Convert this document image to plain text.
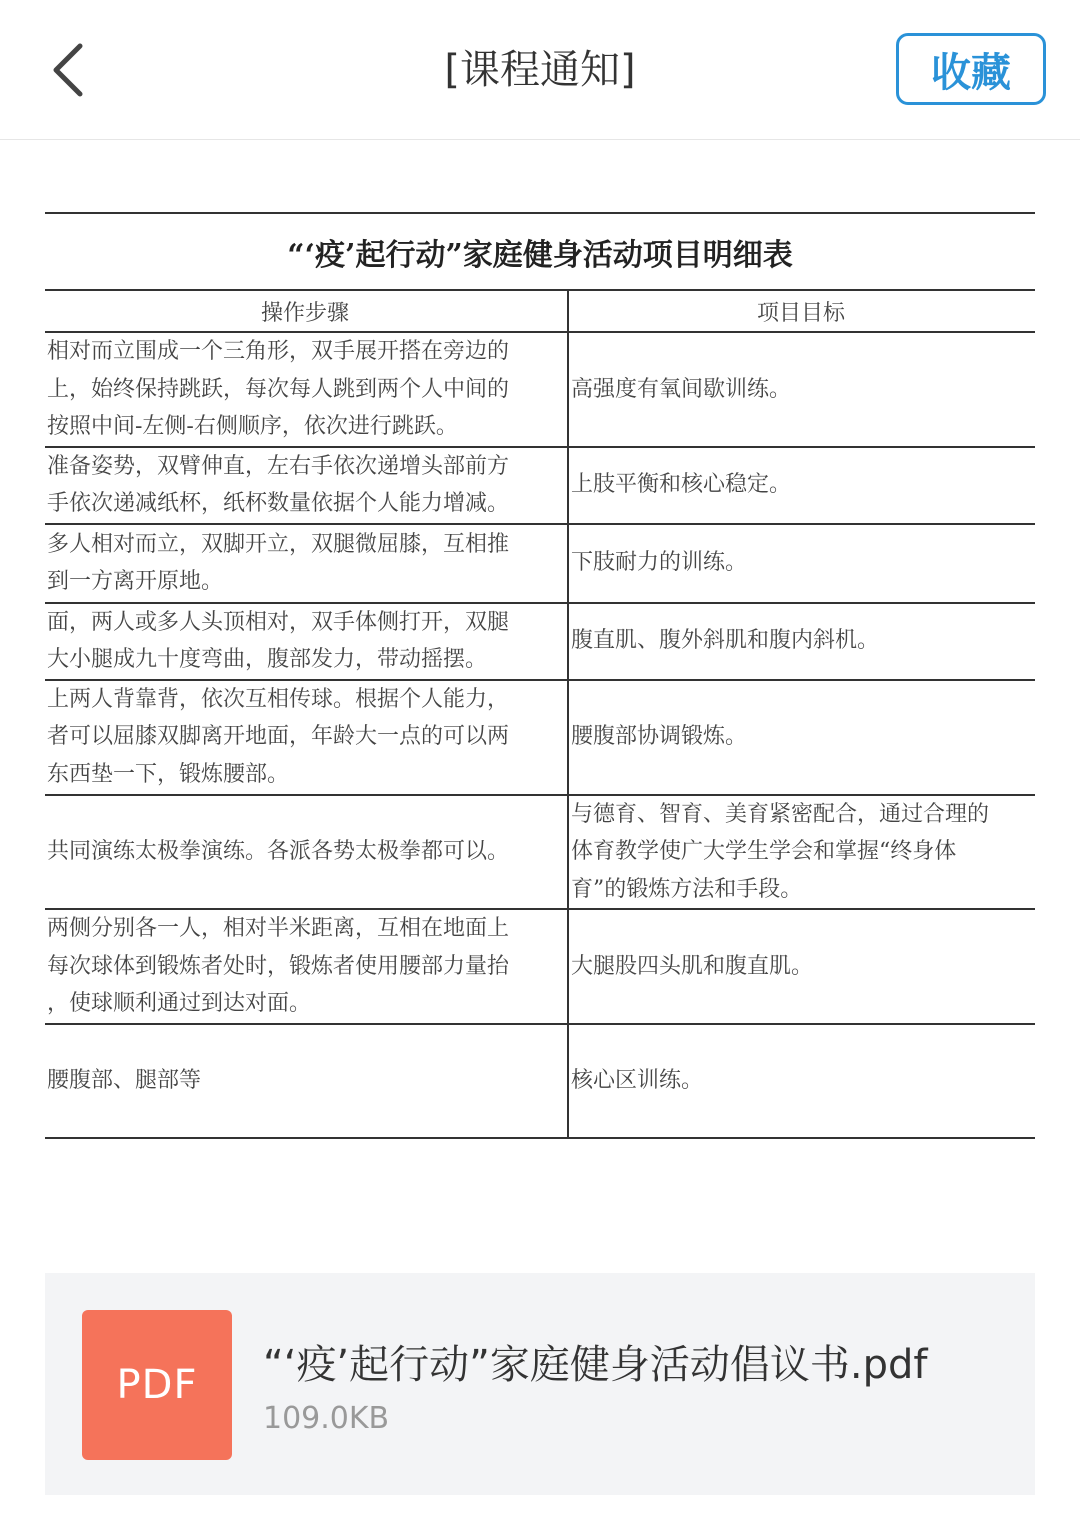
[课程通知]	收藏
“‘疫’起行动”家庭健身活动项目明细表
操作步骤	项目目标

相对而立围成一个三角形，双手展开搭在旁边的
上，始终保持跳跃，每次每人跳到两个人中间的
按照中间-左侧-右侧顺序，依次进行跳跃。	高强度有氧间歇训练。

准备姿势，双臂伸直，左右手依次递增头部前方
手依次递减纸杯，纸杯数量依据个人能力增减。	上肢平衡和核心稳定。

多人相对而立，双脚开立，双腿微屈膝，互相推
到一方离开原地。	下肢耐力的训练。

面，两人或多人头顶相对，双手体侧打开，双腿
大小腿成九十度弯曲，腹部发力，带动摇摆。	腹直肌、腹外斜肌和腹内斜机。

上两人背靠背，依次互相传球。根据个人能力，
者可以屈膝双脚离开地面，年龄大一点的可以两
东西垫一下，锻炼腰部。	腰腹部协调锻炼。

共同演练太极拳演练。各派各势太极拳都可以。	与德育、智育、美育紧密配合，通过合理的
体育教学使广大学生学会和掌握“终身体
育”的锻炼方法和手段。

两侧分别各一人，相对半米距离，互相在地面上
每次球体到锻炼者处时，锻炼者使用腰部力量抬
，使球顺利通过到达对面。	大腿股四头肌和腹直肌。

腰腹部、腿部等	核心区训练。
PDF	“‘疫’起行动”家庭健身活动倡议书.pdf
109.0KB
